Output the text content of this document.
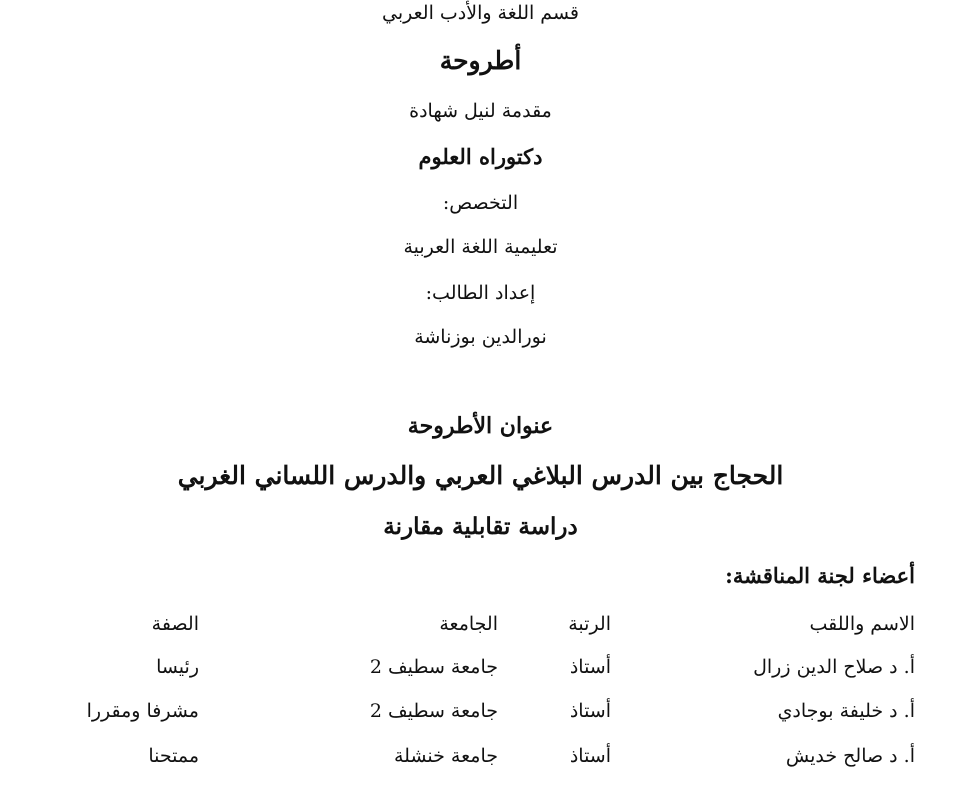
قسم اللغة والأدب العربي
أطروحة
مقدمة لنيل شهادة
دكتوراه العلوم
التخصص:
تعليمية اللغة العربية
إعداد الطالب:
نورالدين بوزناشة
عنوان الأطروحة
الحجاج بين الدرس البلاغي العربي والدرس اللساني الغربي
دراسة تقابلية مقارنة
أعضاء لجنة المناقشة:
الاسم واللقب
الرتبة
الجامعة
الصفة
أ. د صلاح الدين زرال
أستاذ
جامعة سطيف 2
رئيسا
أ. د خليفة بوجادي
أستاذ
جامعة سطيف 2
مشرفا ومقررا
أ. د صالح خديش
أستاذ
جامعة خنشلة
ممتحنا
